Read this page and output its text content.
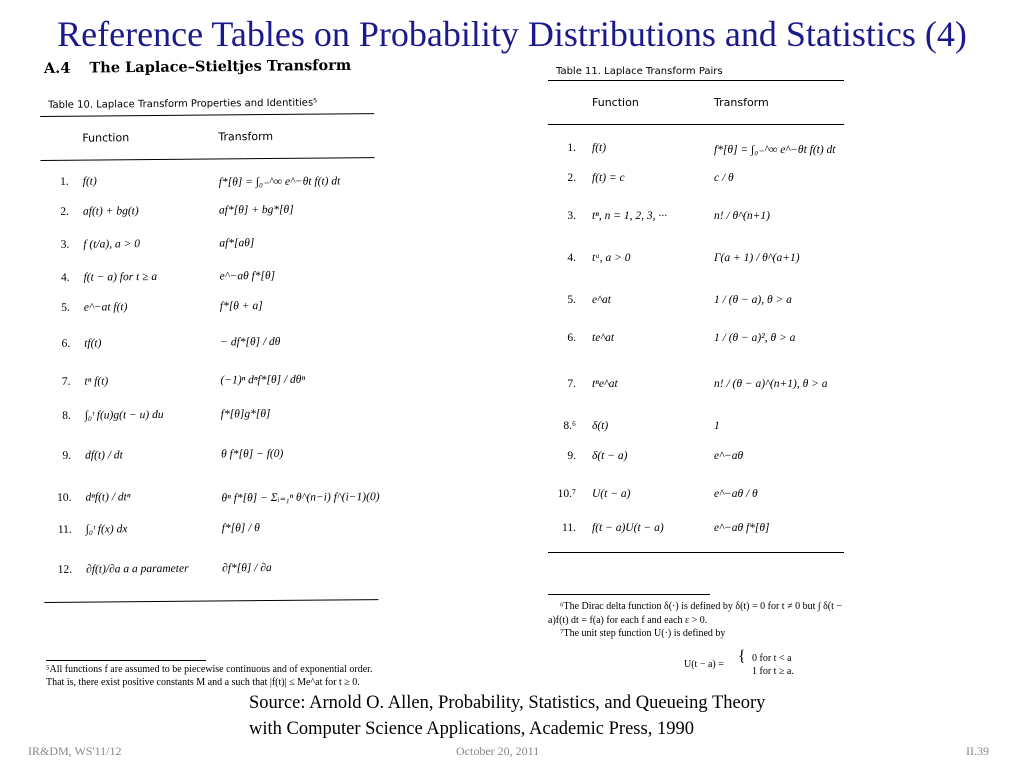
Reference Tables on Probability Distributions and Statistics (4)
A.4 The Laplace–Stieltjes Transform
Table 10. Laplace Transform Properties and Identities⁵
Function	Transform
1. f(t)	f*[θ] = ∫₀₋^∞ e^−θt f(t) dt
2. af(t) + bg(t)	af*[θ] + bg*[θ]
3. f (t/a), a > 0	af*[aθ]
4. f(t − a) for t ≥ a	e^−aθ f*[θ]
5. e^−at f(t)	f*[θ + a]
6. tf(t)	− df*[θ] / dθ
7. tⁿ f(t)	(−1)ⁿ dⁿf*[θ] / dθⁿ
8. ∫₀ᵗ f(u)g(t − u) du	f*[θ]g*[θ]
9. df(t) / dt	θ f*[θ] − f(0)
10. dⁿf(t) / dtⁿ	θⁿ f*[θ] − Σᵢ₌₁ⁿ θ^(n−i) f^(i−1)(0)
11. ∫₀ᵗ f(x) dx	f*[θ] / θ
12. ∂f(t)/∂a a a parameter	∂f*[θ] / ∂a
⁵All functions f are assumed to be piecewise continuous and of exponential order.
That is, there exist positive constants M and a such that |f(t)| ≤ Me^at for t ≥ 0.
Table 11. Laplace Transform Pairs
Function	Transform
1. f(t)	f*[θ] = ∫₀₋^∞ e^−θt f(t) dt
2. f(t) = c	c / θ
3. tⁿ, n = 1, 2, 3, ···	n! / θ^(n+1)
4. tᵃ, a > 0	Γ(a + 1) / θ^(a+1)
5. e^at	1 / (θ − a), θ > a
6. te^at	1 / (θ − a)², θ > a
7. tⁿe^at	n! / (θ − a)^(n+1), θ > a
8.⁶ δ(t)	1
9. δ(t − a)	e^−aθ
10.⁷ U(t − a)	e^−aθ / θ
11. f(t − a)U(t − a)	e^−aθ f*[θ]
⁶The Dirac delta function δ(·) is defined by δ(t) = 0 for t ≠ 0 but ∫ δ(t −
a)f(t) dt = f(a) for each f and each ε > 0.
⁷The unit step function U(·) is defined by
U(t − a) = { 0 for t < a
1 for t ≥ a.
Source: Arnold O. Allen, Probability, Statistics, and Queueing Theory
with Computer Science Applications, Academic Press, 1990
IR&DM, WS'11/12	October 20, 2011	II.39
